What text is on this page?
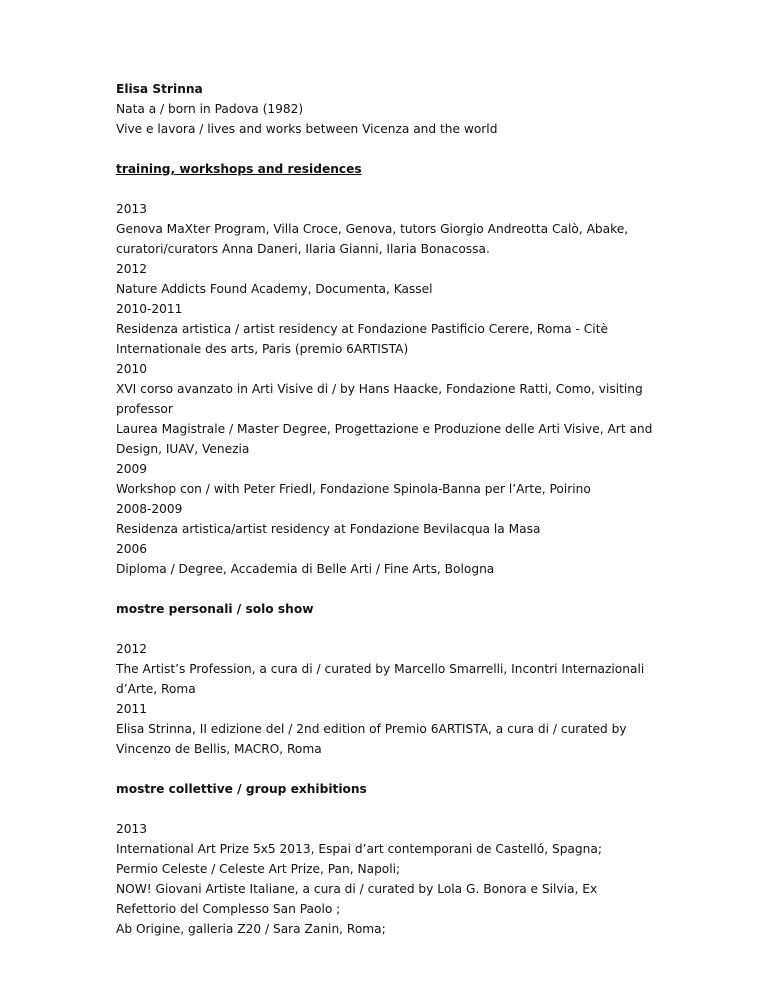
Elisa Strinna
Nata a / born in Padova (1982)
Vive e lavora / lives and works between Vicenza and the world
training, workshops and residences
2013
Genova MaXter Program, Villa Croce, Genova, tutors Giorgio Andreotta Calò, Abake,
curatori/curators Anna Daneri, Ilaria Gianni, Ilaria Bonacossa.
2012
Nature Addicts Found Academy, Documenta, Kassel
2010-2011
Residenza artistica / artist residency at Fondazione Pastificio Cerere, Roma - Citè
Internationale des arts, Paris (premio 6ARTISTA)
2010
XVI corso avanzato in Arti Visive di / by Hans Haacke, Fondazione Ratti, Como, visiting
professor
Laurea Magistrale / Master Degree, Progettazione e Produzione delle Arti Visive, Art and
Design, IUAV, Venezia
2009
Workshop con / with Peter Friedl, Fondazione Spinola-Banna per l’Arte, Poirino
2008-2009
Residenza artistica/artist residency at Fondazione Bevilacqua la Masa
2006
Diploma / Degree, Accademia di Belle Arti / Fine Arts, Bologna
mostre personali / solo show
2012
The Artist’s Profession, a cura di / curated by Marcello Smarrelli, Incontri Internazionali
d’Arte, Roma
2011
Elisa Strinna, II edizione del / 2nd edition of Premio 6ARTISTA, a cura di / curated by
Vincenzo de Bellis, MACRO, Roma
mostre collettive / group exhibitions
2013
International Art Prize 5x5 2013, Espai d’art contemporani de Castelló, Spagna;
Permio Celeste / Celeste Art Prize, Pan, Napoli;
NOW! Giovani Artiste Italiane, a cura di / curated by Lola G. Bonora e Silvia, Ex
Refettorio del Complesso San Paolo ;
Ab Origine, galleria Z20 / Sara Zanin, Roma;
